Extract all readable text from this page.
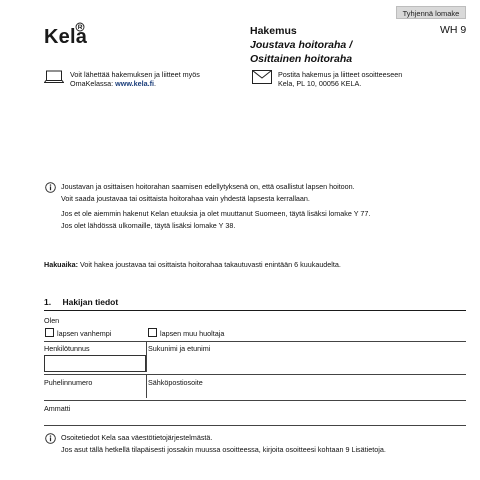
Tyhjennä lomake
Kela	Hakemus
Joustava hoitoraha /
Osittainen hoitoraha
WH 9
Voit lähettää hakemuksen ja liitteet myös
OmaKelassa: www.kela.fi.
Postita hakemus ja liitteet osoitteeseen
Kela, PL 10, 00056 KELA.
Joustavan ja osittaisen hoitorahan saamisen edellytyksenä on, että osallistut lapsen hoitoon.
Voit saada joustavaa tai osittaista hoitorahaa vain yhdestä lapsesta kerrallaan.
Jos et ole aiemmin hakenut Kelan etuuksia ja olet muuttanut Suomeen, täytä lisäksi lomake Y 77.
Jos olet lähdössä ulkomaille, täytä lisäksi lomake Y 38.
Hakuaika: Voit hakea joustavaa tai osittaista hoitorahaa takautuvasti enintään 6 kuukaudelta.
1. Hakijan tiedot
Olen
lapsen vanhempi	lapsen muu huoltaja
Henkilötunnus	Sukunimi ja etunimi
Puhelinnumero	Sähköpostiosoite
Ammatti
Osoitetiedot Kela saa väestötietojärjestelmästä.
Jos asut tällä hetkellä tilapäisesti jossakin muussa osoitteessa, kirjoita osoitteesi kohtaan 9 Lisätietoja.
